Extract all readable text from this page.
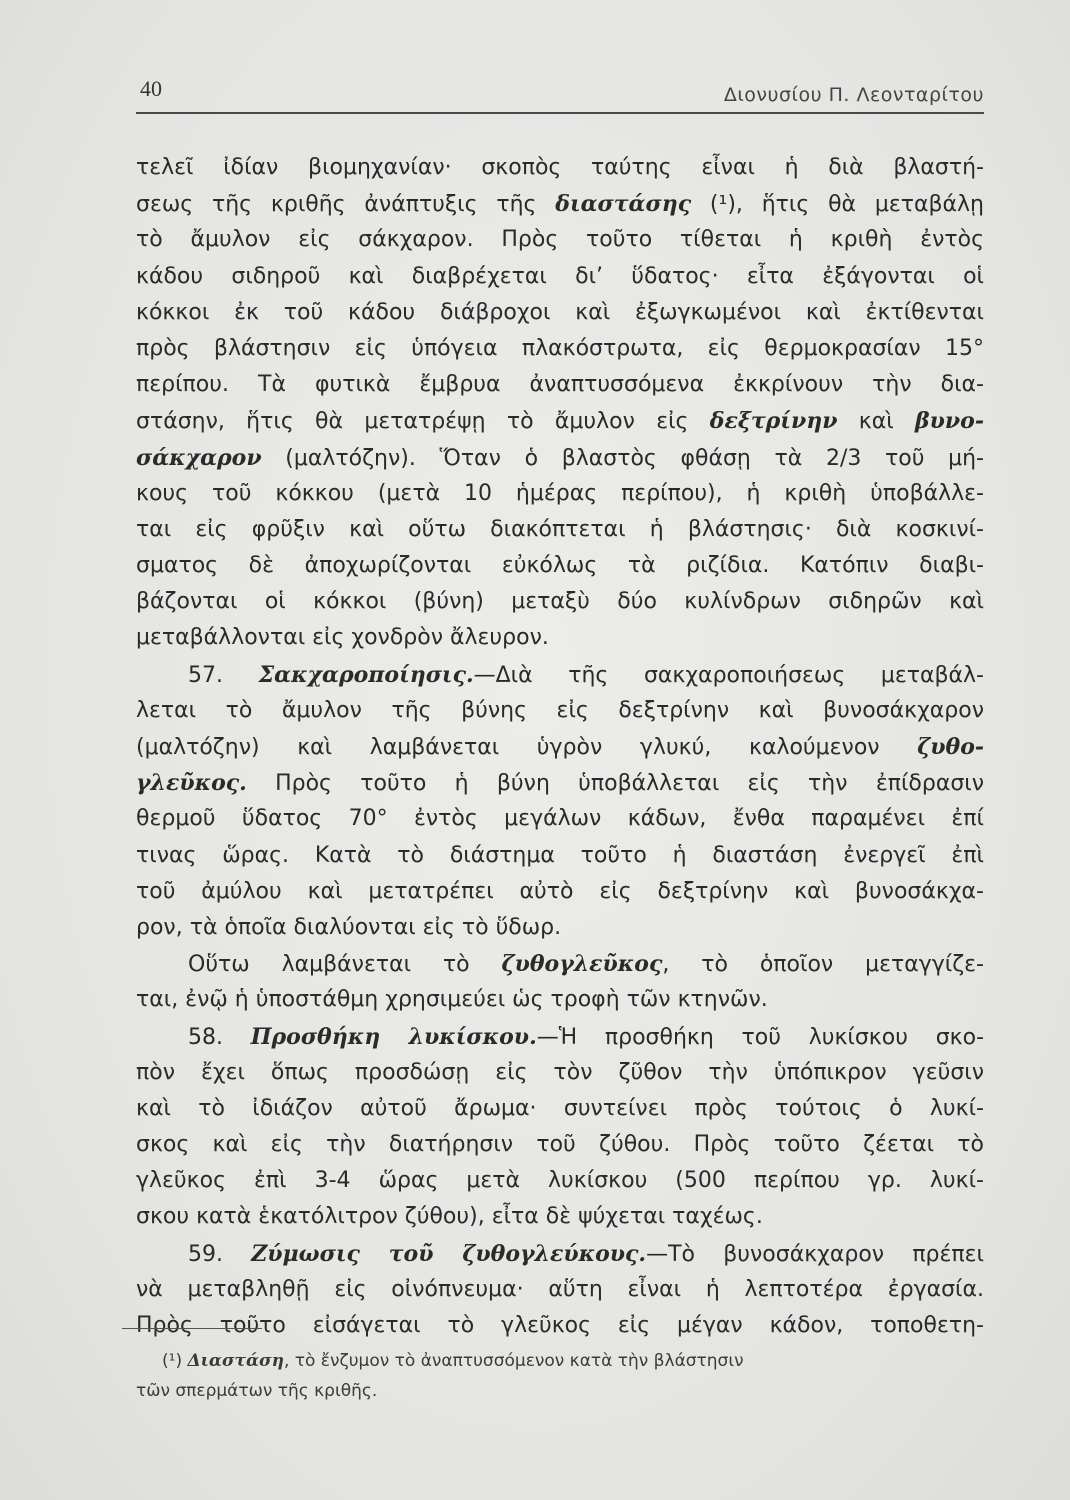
40	Διονυσίου Π. Λεονταρίτου
τελεῖ ἰδίαν βιομηχανίαν· σκοπὸς ταύτης εἶναι ἡ διὰ βλαστή-
σεως τῆς κριθῆς ἀνάπτυξις τῆς διαστάσης (¹), ἥτις θὰ μεταβάλῃ
τὸ ἄμυλον εἰς σάκχαρον. Πρὸς τοῦτο τίθεται ἡ κριθὴ ἐντὸς
κάδου σιδηροῦ καὶ διαβρέχεται δι’ ὕδατος· εἶτα ἐξάγονται οἱ
κόκκοι ἐκ τοῦ κάδου διάβροχοι καὶ ἐξωγκωμένοι καὶ ἐκτίθενται
πρὸς βλάστησιν εἰς ὑπόγεια πλακόστρωτα, εἰς θερμοκρασίαν 15°
περίπου. Τὰ φυτικὰ ἔμβρυα ἀναπτυσσόμενα ἐκκρίνουν τὴν δια-
στάσην, ἥτις θὰ μετατρέψῃ τὸ ἄμυλον εἰς δεξτρίνην καὶ βυνο-
σάκχαρον (μαλτόζην). Ὅταν ὁ βλαστὸς φθάσῃ τὰ 2/3 τοῦ μή-
κους τοῦ κόκκου (μετὰ 10 ἡμέρας περίπου), ἡ κριθὴ ὑποβάλλε-
ται εἰς φρῦξιν καὶ οὕτω διακόπτεται ἡ βλάστησις· διὰ κοσκινί-
σματος δὲ ἀποχωρίζονται εὐκόλως τὰ ριζίδια. Κατόπιν διαβι-
βάζονται οἱ κόκκοι (βύνη) μεταξὺ δύο κυλίνδρων σιδηρῶν καὶ
μεταβάλλονται εἰς χονδρὸν ἄλευρον.
57. Σακχαροποίησις.—Διὰ τῆς σακχαροποιήσεως μεταβάλ-
λεται τὸ ἄμυλον τῆς βύνης εἰς δεξτρίνην καὶ βυνοσάκχαρον
(μαλτόζην) καὶ λαμβάνεται ὑγρὸν γλυκύ, καλούμενον ζυθο-
γλεῦκος. Πρὸς τοῦτο ἡ βύνη ὑποβάλλεται εἰς τὴν ἐπίδρασιν
θερμοῦ ὕδατος 70° ἐντὸς μεγάλων κάδων, ἔνθα παραμένει ἐπί
τινας ὥρας. Κατὰ τὸ διάστημα τοῦτο ἡ διαστάση ἐνεργεῖ ἐπὶ
τοῦ ἀμύλου καὶ μετατρέπει αὐτὸ εἰς δεξτρίνην καὶ βυνοσάκχα-
ρον, τὰ ὁποῖα διαλύονται εἰς τὸ ὕδωρ.
Οὕτω λαμβάνεται τὸ ζυθογλεῦκος, τὸ ὁποῖον μεταγγίζε-
ται, ἐνῷ ἡ ὑποστάθμη χρησιμεύει ὡς τροφὴ τῶν κτηνῶν.
58. Προσθήκη λυκίσκου.—Ἡ προσθήκη τοῦ λυκίσκου σκο-
πὸν ἔχει ὅπως προσδώσῃ εἰς τὸν ζῦθον τὴν ὑπόπικρον γεῦσιν
καὶ τὸ ἰδιάζον αὐτοῦ ἄρωμα· συντείνει πρὸς τούτοις ὁ λυκί-
σκος καὶ εἰς τὴν διατήρησιν τοῦ ζύθου. Πρὸς τοῦτο ζέεται τὸ
γλεῦκος ἐπὶ 3-4 ὥρας μετὰ λυκίσκου (500 περίπου γρ. λυκί-
σκου κατὰ ἑκατόλιτρον ζύθου), εἶτα δὲ ψύχεται ταχέως.
59. Ζύμωσις τοῦ ζυθογλεύκους.—Τὸ βυνοσάκχαρον πρέπει
νὰ μεταβληθῇ εἰς οἰνόπνευμα· αὕτη εἶναι ἡ λεπτοτέρα ἐργασία.
Πρὸς τοῦτο εἰσάγεται τὸ γλεῦκος εἰς μέγαν κάδον, τοποθετη-
(¹) Διαστάση, τὸ ἔνζυμον τὸ ἀναπτυσσόμενον κατὰ τὴν βλάστησιν
τῶν σπερμάτων τῆς κριθῆς.
